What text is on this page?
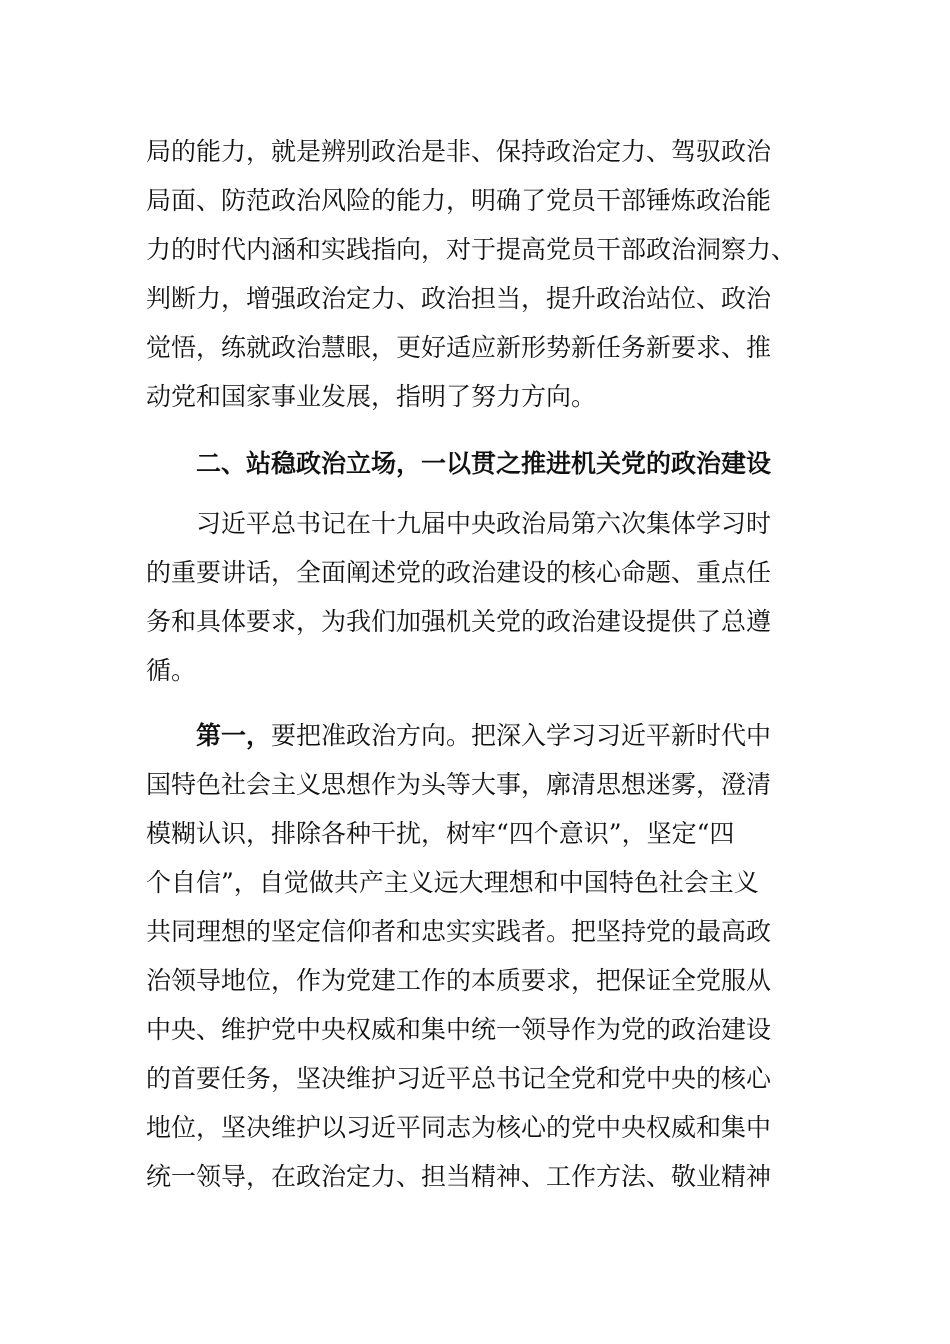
局的能力，就是辨别政治是非、保持政治定力、驾驭政治
局面、防范政治风险的能力，明确了党员干部锤炼政治能
力的时代内涵和实践指向，对于提高党员干部政治洞察力、
判断力，增强政治定力、政治担当，提升政治站位、政治
觉悟，练就政治慧眼，更好适应新形势新任务新要求、推
动党和国家事业发展，指明了努力方向。
二、站稳政治立场，一以贯之推进机关党的政治建设
习近平总书记在十九届中央政治局第六次集体学习时
的重要讲话，全面阐述党的政治建设的核心命题、重点任
务和具体要求，为我们加强机关党的政治建设提供了总遵
循。
第一，要把准政治方向。把深入学习习近平新时代中
国特色社会主义思想作为头等大事，廓清思想迷雾，澄清
模糊认识，排除各种干扰，树牢“四个意识”，坚定“四
个自信”，自觉做共产主义远大理想和中国特色社会主义
共同理想的坚定信仰者和忠实实践者。把坚持党的最高政
治领导地位，作为党建工作的本质要求，把保证全党服从
中央、维护党中央权威和集中统一领导作为党的政治建设
的首要任务，坚决维护习近平总书记全党和党中央的核心
地位，坚决维护以习近平同志为核心的党中央权威和集中
统一领导，在政治定力、担当精神、工作方法、敬业精神
